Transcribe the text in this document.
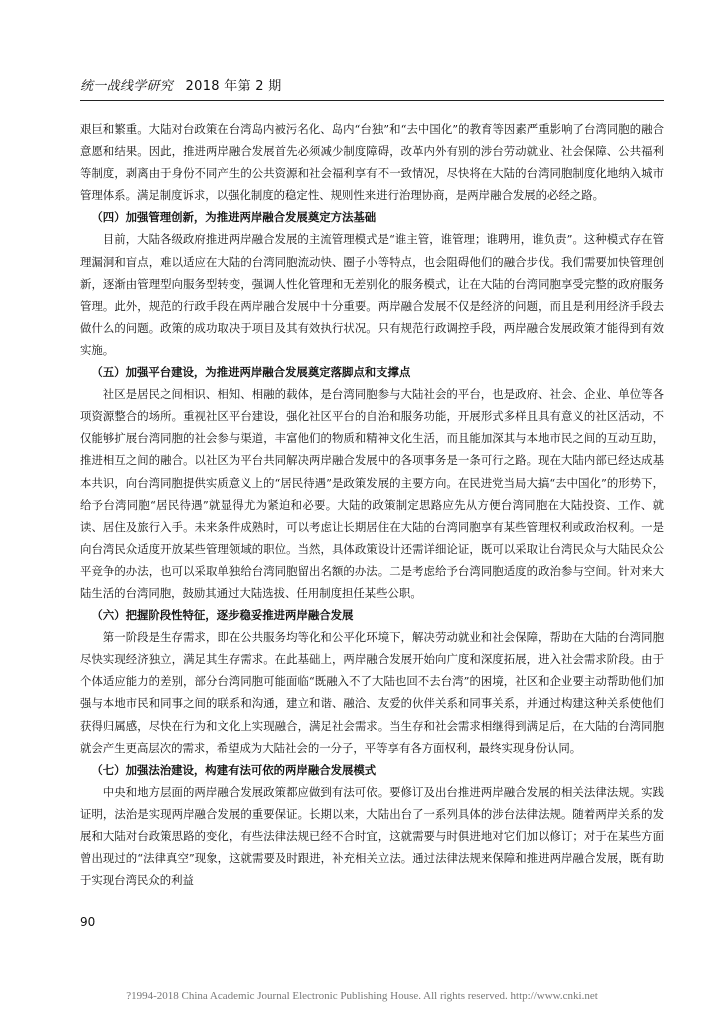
统一战线学研究 2018 年第 2 期

艰巨和繁重。大陆对台政策在台湾岛内被污名化、岛内“台独”和“去中国化”的教育等因素严重影响了台湾同胞的融合意愿和结果。因此，推进两岸融合发展首先必须减少制度障碍，改革内外有别的涉台劳动就业、社会保障、公共福利等制度，剥离由于身份不同产生的公共资源和社会福利享有不一致情况，尽快将在大陆的台湾同胞制度化地纳入城市管理体系。满足制度诉求，以强化制度的稳定性、规则性来进行治理协商，是两岸融合发展的必经之路。

（四）加强管理创新，为推进两岸融合发展奠定方法基础

目前，大陆各级政府推进两岸融合发展的主流管理模式是“谁主管，谁管理；谁聘用，谁负责”。这种模式存在管理漏洞和盲点，难以适应在大陆的台湾同胞流动快、圈子小等特点，也会阻碍他们的融合步伐。我们需要加快管理创新，逐渐由管理型向服务型转变，强调人性化管理和无差别化的服务模式，让在大陆的台湾同胞享受完整的政府服务管理。此外，规范的行政手段在两岸融合发展中十分重要。两岸融合发展不仅是经济的问题，而且是利用经济手段去做什么的问题。政策的成功取决于项目及其有效执行状况。只有规范行政调控手段，两岸融合发展政策才能得到有效实施。

（五）加强平台建设，为推进两岸融合发展奠定落脚点和支撑点

社区是居民之间相识、相知、相融的载体，是台湾同胞参与大陆社会的平台，也是政府、社会、企业、单位等各项资源整合的场所。重视社区平台建设，强化社区平台的自治和服务功能，开展形式多样且具有意义的社区活动，不仅能够扩展台湾同胞的社会参与渠道，丰富他们的物质和精神文化生活，而且能加深其与本地市民之间的互动互助，推进相互之间的融合。以社区为平台共同解决两岸融合发展中的各项事务是一条可行之路。现在大陆内部已经达成基本共识，向台湾同胞提供实质意义上的“居民待遇”是政策发展的主要方向。在民进党当局大搞“去中国化”的形势下，给予台湾同胞“居民待遇”就显得尤为紧迫和必要。大陆的政策制定思路应先从方便台湾同胞在大陆投资、工作、就读、居住及旅行入手。未来条件成熟时，可以考虑让长期居住在大陆的台湾同胞享有某些管理权利或政治权利。一是向台湾民众适度开放某些管理领域的职位。当然，具体政策设计还需详细论证，既可以采取让台湾民众与大陆民众公平竞争的办法，也可以采取单独给台湾同胞留出名额的办法。二是考虑给予台湾同胞适度的政治参与空间。针对来大陆生活的台湾同胞，鼓励其通过大陆选拔、任用制度担任某些公职。

（六）把握阶段性特征，逐步稳妥推进两岸融合发展

第一阶段是生存需求，即在公共服务均等化和公平化环境下，解决劳动就业和社会保障，帮助在大陆的台湾同胞尽快实现经济独立，满足其生存需求。在此基础上，两岸融合发展开始向广度和深度拓展，进入社会需求阶段。由于个体适应能力的差别，部分台湾同胞可能面临“既融入不了大陆也回不去台湾”的困境，社区和企业要主动帮助他们加强与本地市民和同事之间的联系和沟通，建立和谐、融洽、友爱的伙伴关系和同事关系，并通过构建这种关系使他们获得归属感，尽快在行为和文化上实现融合，满足社会需求。当生存和社会需求相继得到满足后，在大陆的台湾同胞就会产生更高层次的需求，希望成为大陆社会的一分子，平等享有各方面权利，最终实现身份认同。

（七）加强法治建设，构建有法可依的两岸融合发展模式

中央和地方层面的两岸融合发展政策都应做到有法可依。要修订及出台推进两岸融合发展的相关法律法规。实践证明，法治是实现两岸融合发展的重要保证。长期以来，大陆出台了一系列具体的涉台法律法规。随着两岸关系的发展和大陆对台政策思路的变化，有些法律法规已经不合时宜，这就需要与时俱进地对它们加以修订；对于在某些方面曾出现过的“法律真空”现象，这就需要及时跟进，补充相关立法。通过法律法规来保障和推进两岸融合发展，既有助于实现台湾民众的利益

90
?1994-2018 China Academic Journal Electronic Publishing House. All rights reserved. http://www.cnki.net
